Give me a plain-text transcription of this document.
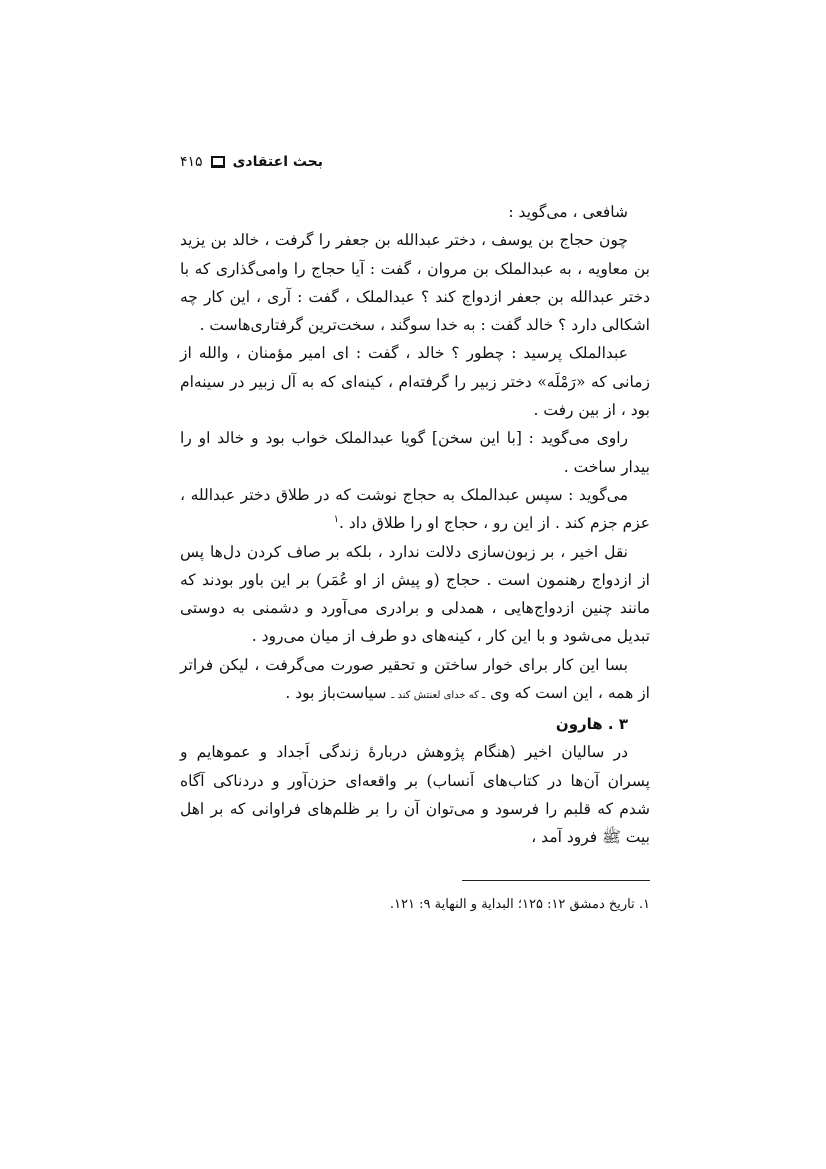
بحث اعتقادی
۴۱۵

شافعی ، می‌گوید :

چون حجاج بن یوسف ، دختر عبدالله بن جعفر را گرفت ، خالد بن یزید بن معاویه ، به عبدالملک بن مروان ، گفت : آیا حجاج را وامی‌گذاری که با دختر عبدالله بن جعفر ازدواج کند ؟ عبدالملک ، گفت : آری ، این کار چه اشکالی دارد ؟ خالد گفت : به خدا سوگند ، سخت‌ترین گرفتاری‌هاست .

عبدالملک پرسید : چطور ؟ خالد ، گفت : ای امیر مؤمنان ، والله از زمانی که «رَمْلَه» دختر زبیر را گرفته‌ام ، کینه‌ای که به آل زبیر در سینه‌ام بود ، از بین رفت .

راوی می‌گوید : [با این سخن] گویا عبدالملک خواب بود و خالد او را بیدار ساخت .

می‌گوید : سپس عبدالملک به حجاج نوشت که در طلاق دختر عبدالله ، عزم جزم کند . از این رو ، حجاج او را طلاق داد .$^۱$

نقل اخیر ، بر زبون‌سازی دلالت ندارد ، بلکه بر صاف کردن دل‌ها پس از ازدواج رهنمون است . حجاج (و پیش از او عُمَر) بر این باور بودند که مانند چنین ازدواج‌هایی ، همدلی و برادری می‌آورد و دشمنی به دوستی تبدیل می‌شود و با این کار ، کینه‌های دو طرف از میان می‌رود .

بسا این کار برای خوار ساختن و تحقیر صورت می‌گرفت ، لیکن فراتر از همه ، این است که وی ـ که خدای لعنتش کند ـ سیاست‌باز بود .

۳ . هارون

در سالیان اخیر (هنگام پژوهش دربارهٔ زندگی اَجداد و عموهایم و پسران آن‌ها در کتاب‌های اَنساب) بر واقعه‌ای حزن‌آور و دردناکی آگاه شدم که قلبم را فرسود و می‌توان آن را بر ظلم‌های فراوانی که بر اهل بیت ﷺ فرود آمد ،

۱. تاریخ دمشق ۱۲: ۱۲۵؛ البدایة و النهایة ۹: ۱۲۱.
